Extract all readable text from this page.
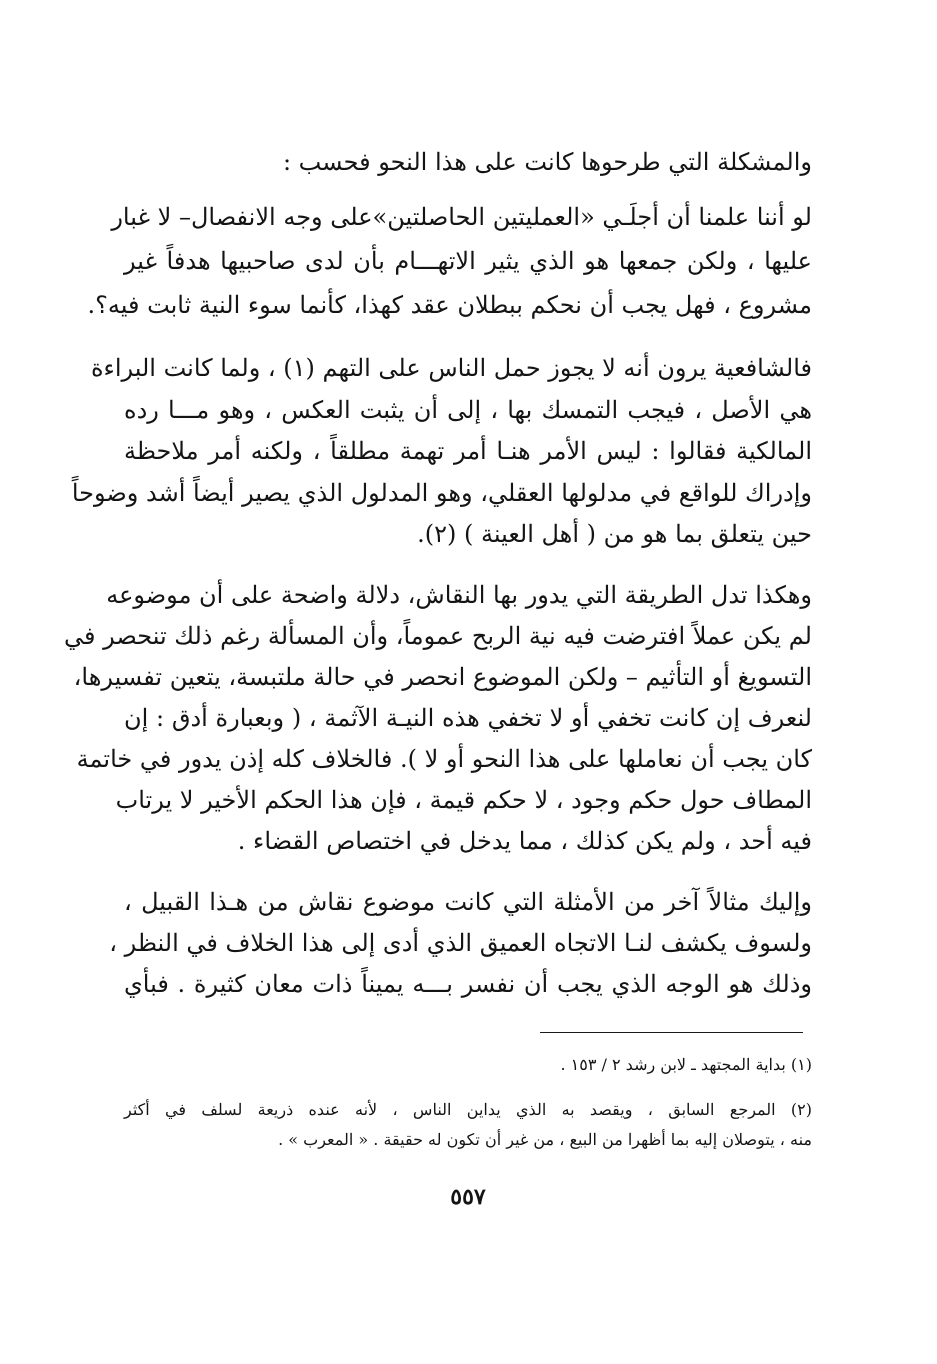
والمشكلة التي طرحوها كانت على هذا النحو فحسب :
لو أننا علمنا أن أجلَـي «العمليتين الحاصلتين»على وجه الانفصال– لا غبار
عليها ، ولكن جمعها هو الذي يثير الاتهـــام بأن لدى صاحبيها هدفاً غير
مشروع ، فهل يجب أن نحكم ببطلان عقد كهذا، كأنما سوء النية ثابت فيه؟.
فالشافعية يرون أنه لا يجوز حمل الناس على التهم (١) ، ولما كانت البراءة
هي الأصل ، فيجب التمسك بها ، إلى أن يثبت العكس ، وهو مـــا رده
المالكية فقالوا : ليس الأمر هنـا أمر تهمة مطلقاً ، ولكنه أمر ملاحظة
وإدراك للواقع في مدلولها العقلي، وهو المدلول الذي يصير أيضاً أشد وضوحاً
حين يتعلق بما هو من ( أهل العينة ) (٢).
وهكذا تدل الطريقة التي يدور بها النقاش، دلالة واضحة على أن موضوعه
لم يكن عملاً افترضت فيه نية الربح عموماً، وأن المسألة رغم ذلك تنحصر في
التسويغ أو التأثيم – ولكن الموضوع انحصر في حالة ملتبسة، يتعين تفسيرها،
لنعرف إن كانت تخفي أو لا تخفي هذه النيـة الآثمة ، ( وبعبارة أدق : إن
كان يجب أن نعاملها على هذا النحو أو لا ). فالخلاف كله إذن يدور في خاتمة
المطاف حول حكم وجود ، لا حكم قيمة ، فإن هذا الحكم الأخير لا يرتاب
فيه أحد ، ولم يكن كذلك ، مما يدخل في اختصاص القضاء .
وإليك مثالاً آخر من الأمثلة التي كانت موضوع نقاش من هـذا القبيل ،
ولسوف يكشف لنـا الاتجاه العميق الذي أدى إلى هذا الخلاف في النظر ،
وذلك هو الوجه الذي يجب أن نفسر بـــه يميناً ذات معان كثيرة . فبأي
(١) بداية المجتهد ـ لابن رشد ٢ / ١٥٣ .
(٢) المرجع السابق ، ويقصد به الذي يداين الناس ، لأنه عنده ذريعة لسلف في أكثر
منه ، يتوصلان إليه بما أظهرا من البيع ، من غير أن تكون له حقيقة . « المعرب » .
٥٥٧
